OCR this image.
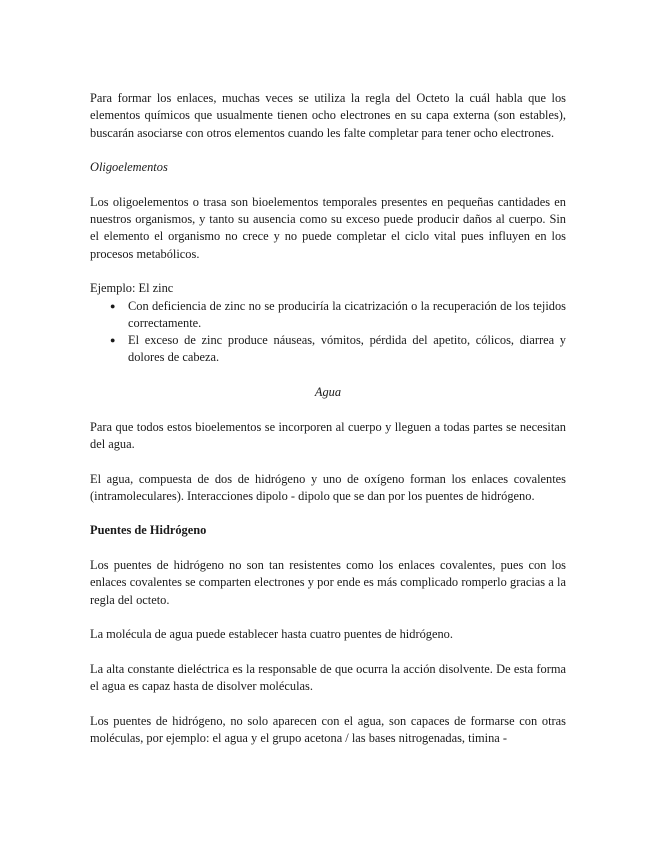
Para formar los enlaces, muchas veces se utiliza la regla del Octeto la cuál habla que los elementos químicos que usualmente tienen ocho electrones en su capa externa (son estables), buscarán asociarse con otros elementos cuando les falte completar para tener ocho electrones.

Oligoelementos

Los oligoelementos o trasa son bioelementos temporales presentes en pequeñas cantidades en nuestros organismos, y tanto su ausencia como su exceso puede producir daños al cuerpo. Sin el elemento el organismo no crece y no puede completar el ciclo vital pues influyen en los procesos metabólicos.

Ejemplo: El zinc

● Con deficiencia de zinc no se produciría la cicatrización o la recuperación de los tejidos correctamente.
● El exceso de zinc produce náuseas, vómitos, pérdida del apetito, cólicos, diarrea y dolores de cabeza.

Agua

Para que todos estos bioelementos se incorporen al cuerpo y lleguen a todas partes se necesitan del agua.

El agua, compuesta de dos de hidrógeno y uno de oxígeno forman los enlaces covalentes (intramoleculares). Interacciones dipolo - dipolo que se dan por los puentes de hidrógeno.

Puentes de Hidrógeno

Los puentes de hidrógeno no son tan resistentes como los enlaces covalentes, pues con los enlaces covalentes se comparten electrones y por ende es más complicado romperlo gracias a la regla del octeto.

La molécula de agua puede establecer hasta cuatro puentes de hidrógeno.

La alta constante dieléctrica es la responsable de que ocurra la acción disolvente. De esta forma el agua es capaz hasta de disolver moléculas.

Los puentes de hidrógeno, no solo aparecen con el agua, son capaces de formarse con otras moléculas, por ejemplo: el agua y el grupo acetona / las bases nitrogenadas, timina -
